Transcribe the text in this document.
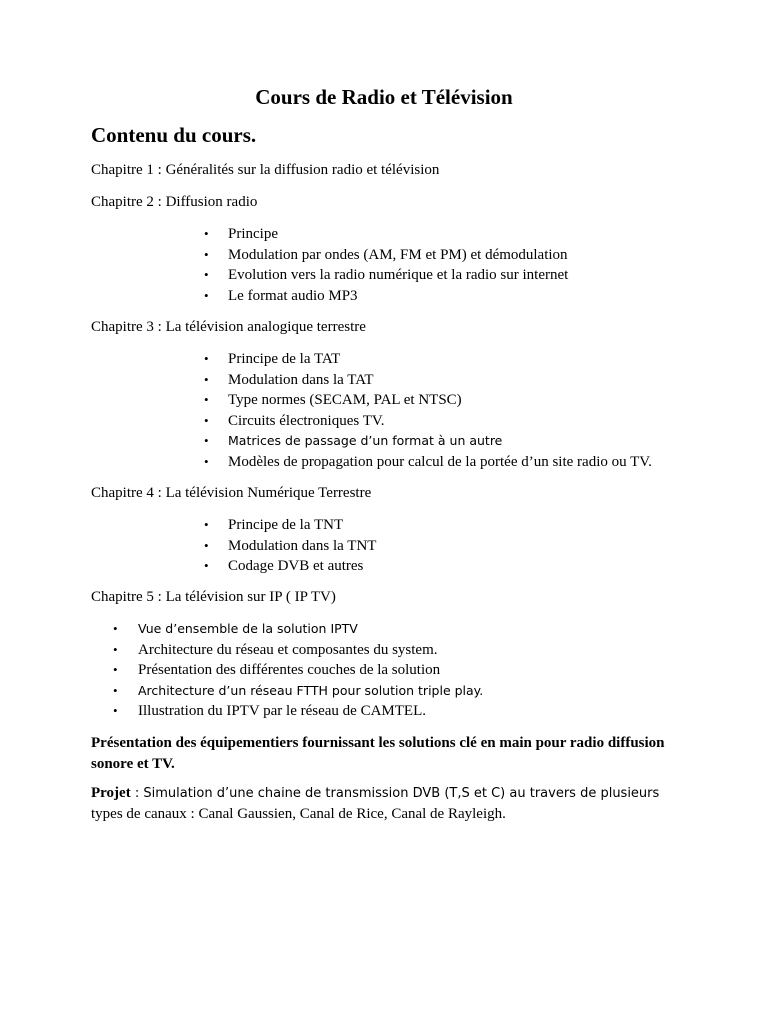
Cours de Radio et Télévision
Contenu du cours.
Chapitre 1 : Généralités sur la diffusion radio et télévision
Chapitre 2 : Diffusion radio
• Principe
• Modulation par ondes (AM, FM et PM) et démodulation
• Evolution vers la radio numérique et la radio sur internet
• Le format audio MP3
Chapitre 3 : La télévision analogique terrestre
• Principe de la TAT
• Modulation dans la TAT
• Type normes (SECAM, PAL et NTSC)
• Circuits électroniques TV.
• Matrices de passage d’un format à un autre
• Modèles de propagation pour calcul de la portée d’un site radio ou TV.
Chapitre 4 : La télévision Numérique Terrestre
• Principe de la TNT
• Modulation dans la TNT
• Codage DVB et autres
Chapitre 5 : La télévision sur IP ( IP TV)
• Vue d’ensemble de la solution IPTV
• Architecture du réseau et composantes du system.
• Présentation des différentes couches de la solution
• Architecture d’un réseau FTTH pour solution triple play.
• Illustration du IPTV par le réseau de CAMTEL.
Présentation des équipementiers fournissant les solutions clé en main pour radio diffusion sonore et TV.
Projet : Simulation d’une chaine de transmission DVB (T,S et C) au travers de plusieurs
types de canaux : Canal Gaussien, Canal de Rice, Canal de Rayleigh.
